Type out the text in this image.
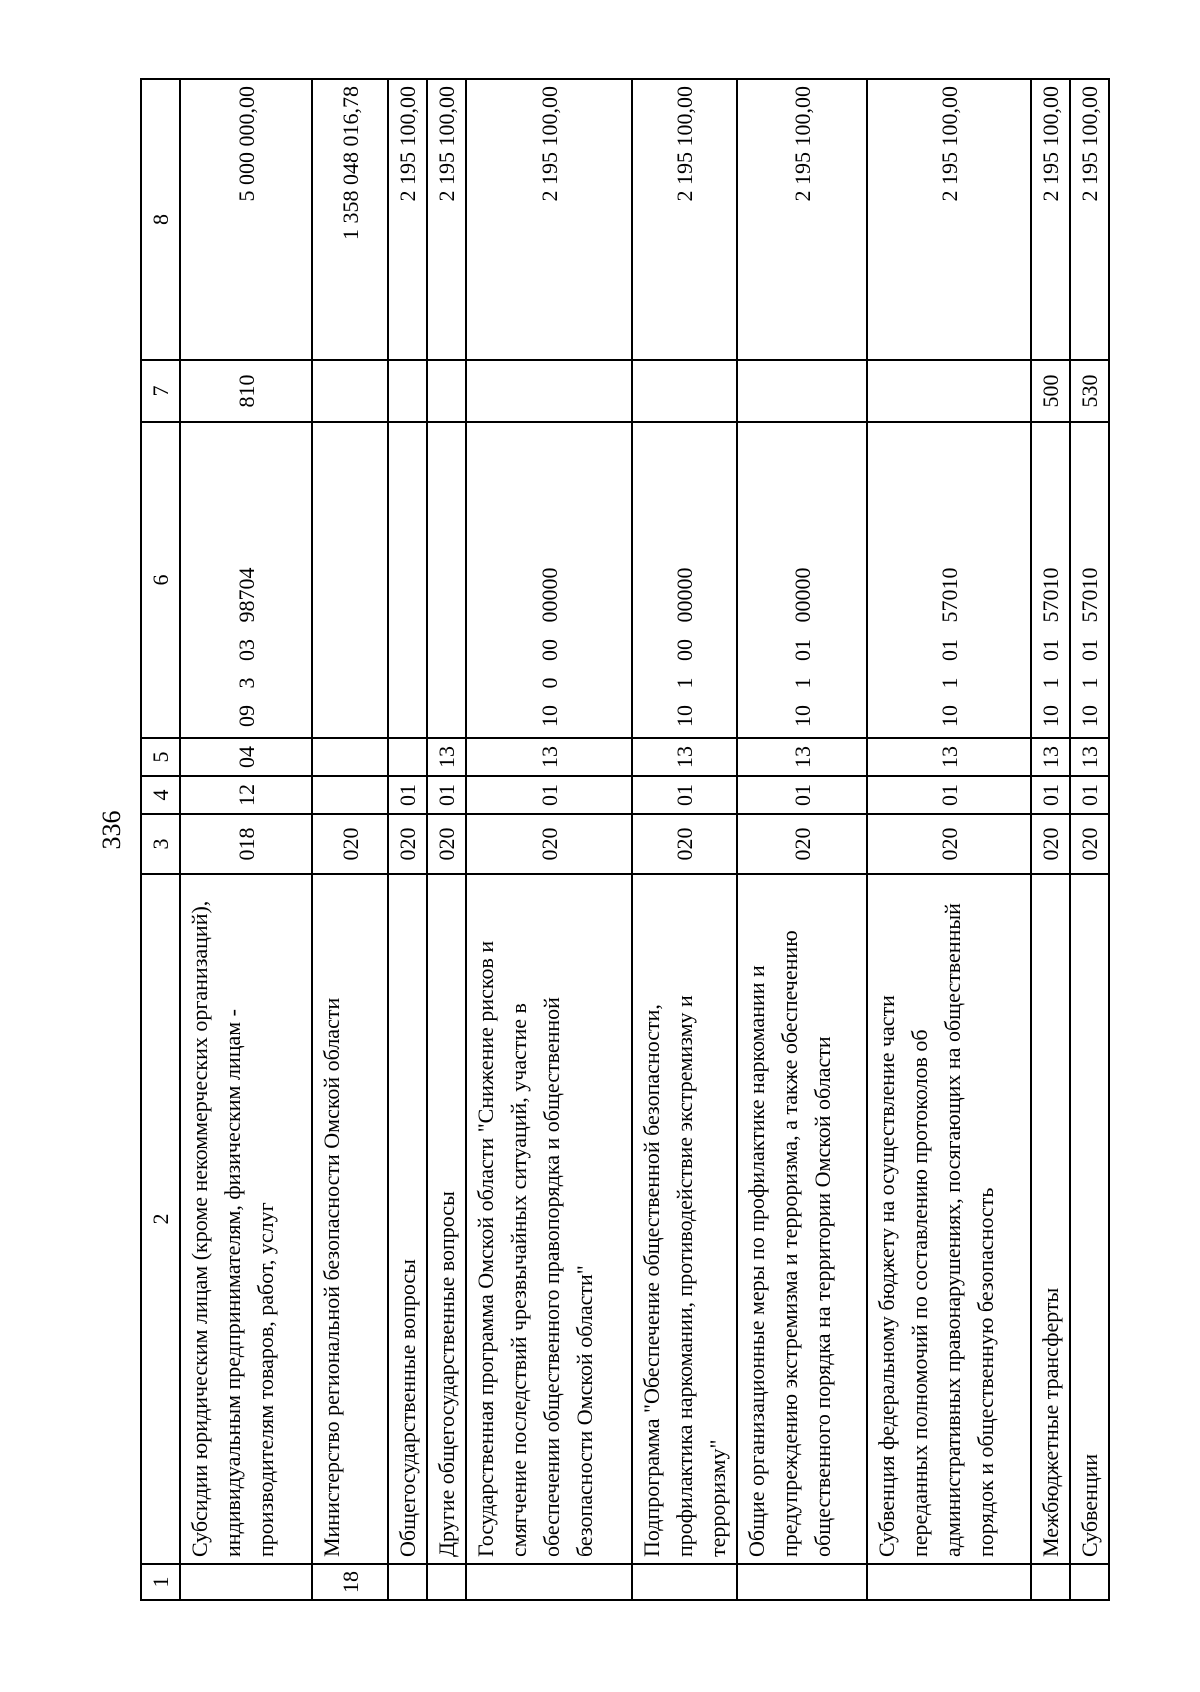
336
1	2	3	4	5	6	7	8
	Субсидии юридическим лицам (кроме некоммерческих организаций), индивидуальным предпринимателям, физическим лицам - производителям товаров, работ, услуг	018	12	04	09   3   03   98704	810	5 000 000,00
18	Министерство региональной безопасности Омской области	020					1 358 048 016,78
	Общегосударственные вопросы	020	01				2 195 100,00
	Другие общегосударственные вопросы	020	01	13			2 195 100,00
	Государственная программа Омской области "Снижение рисков и смягчение последствий чрезвычайных ситуаций, участие в обеспечении общественного правопорядка и общественной безопасности Омской области"	020	01	13	10   0   00   00000		2 195 100,00
	Подпрограмма "Обеспечение общественной безопасности, профилактика наркомании, противодействие экстремизму и терроризму"	020	01	13	10   1   00   00000		2 195 100,00
	Общие организационные меры по профилактике наркомании и предупреждению экстремизма и терроризма, а также обеспечению общественного порядка на территории Омской области	020	01	13	10   1   01   00000		2 195 100,00
	Субвенция федеральному бюджету на осуществление части переданных полномочий по составлению протоколов об административных правонарушениях, посягающих на общественный порядок и общественную безопасность	020	01	13	10   1   01   57010		2 195 100,00
	Межбюджетные трансферты	020	01	13	10   1   01   57010	500	2 195 100,00
	Субвенции	020	01	13	10   1   01   57010	530	2 195 100,00
